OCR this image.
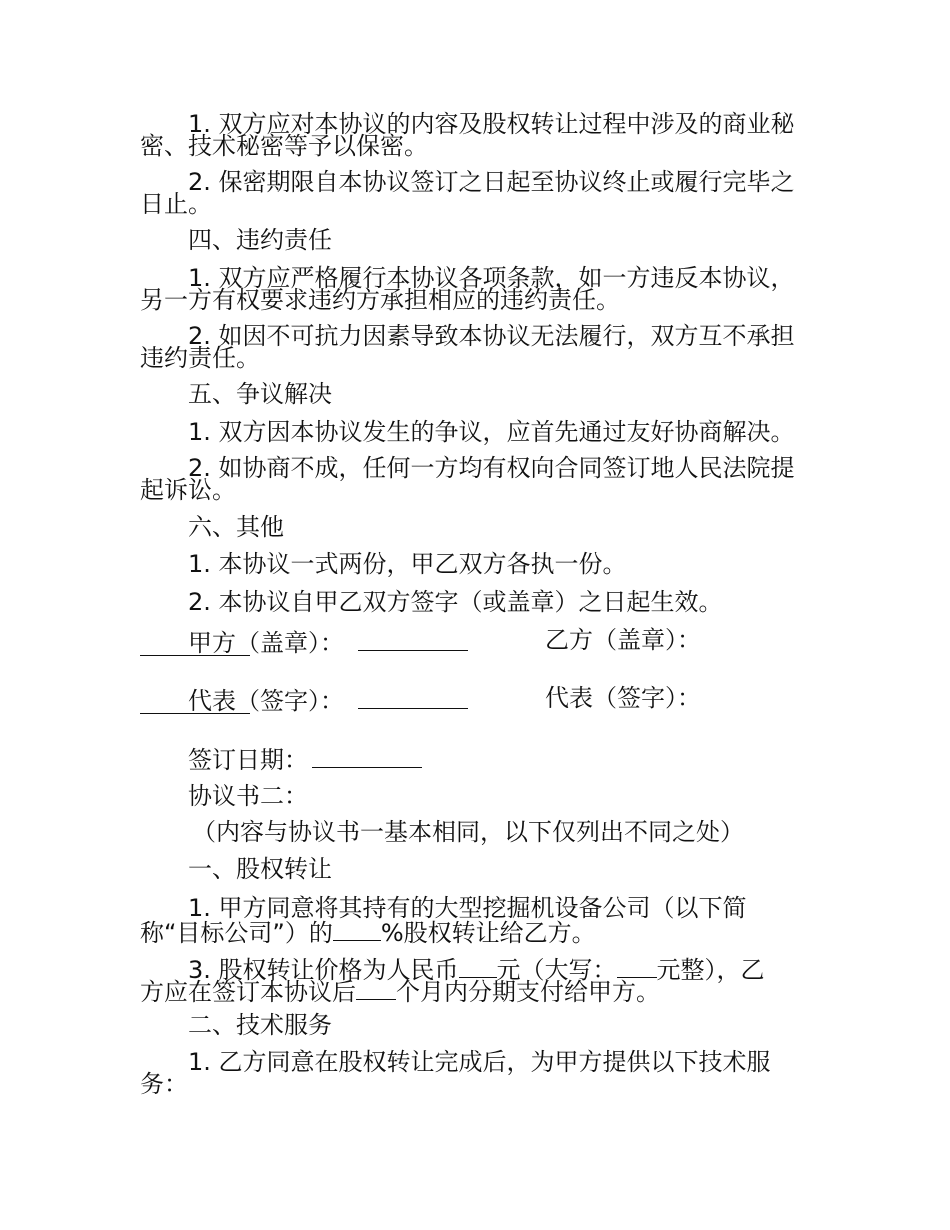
1. 双方应对本协议的内容及股权转让过程中涉及的商业秘
密、技术秘密等予以保密。
2. 保密期限自本协议签订之日起至协议终止或履行完毕之
日止。
四、违约责任
1. 双方应严格履行本协议各项条款，如一方违反本协议，
另一方有权要求违约方承担相应的违约责任。
2. 如因不可抗力因素导致本协议无法履行，双方互不承担
违约责任。
五、争议解决
1. 双方因本协议发生的争议，应首先通过友好协商解决。
2. 如协商不成，任何一方均有权向合同签订地人民法院提
起诉讼。
六、其他
1. 本协议一式两份，甲乙双方各执一份。
2. 本协议自甲乙双方签字（或盖章）之日起生效。
甲方（盖章）：	乙方（盖章）：
代表（签字）：	代表（签字）：
签订日期：
协议书二：
（内容与协议书一基本相同，以下仅列出不同之处）
一、股权转让
1. 甲方同意将其持有的大型挖掘机设备公司（以下简
称“目标公司”）的 %股权转让给乙方。
3. 股权转让价格为人民币 元（大写： 元整），乙
方应在签订本协议后 个月内分期支付给甲方。
二、技术服务
1. 乙方同意在股权转让完成后，为甲方提供以下技术服
务：
